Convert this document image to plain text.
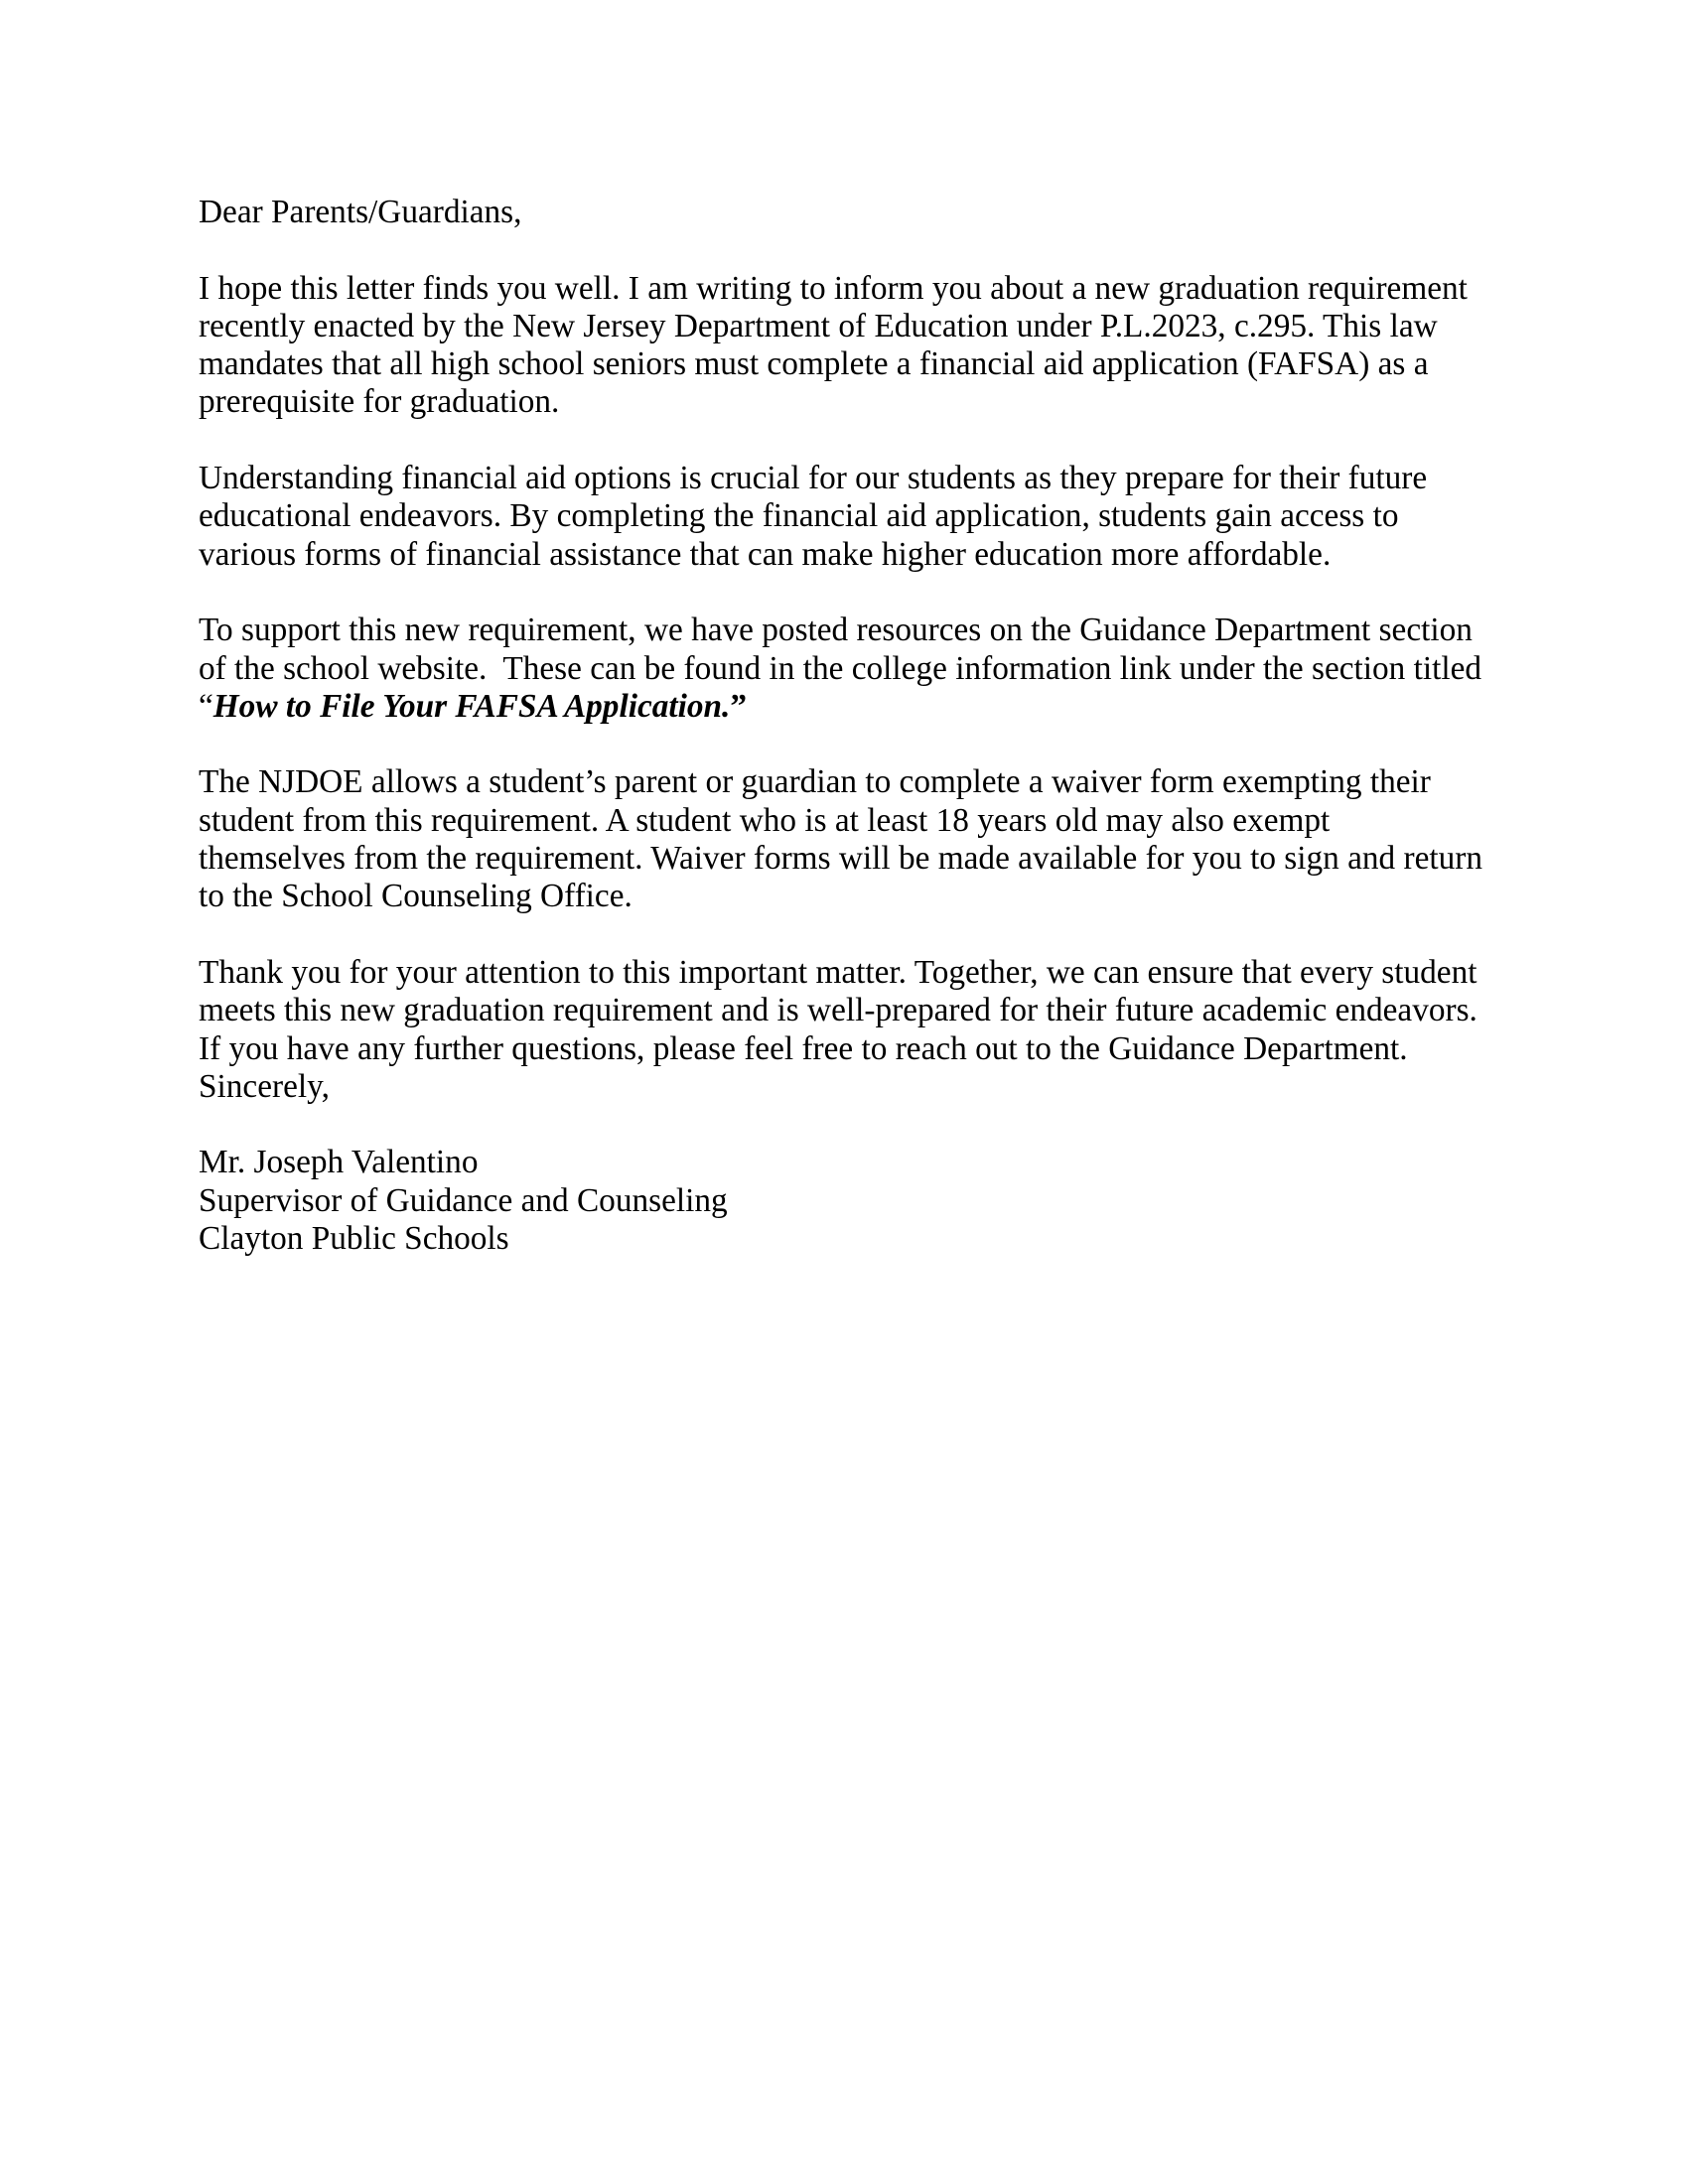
Dear Parents/Guardians,

I hope this letter finds you well. I am writing to inform you about a new graduation requirement
recently enacted by the New Jersey Department of Education under P.L.2023, c.295. This law
mandates that all high school seniors must complete a financial aid application (FAFSA) as a
prerequisite for graduation.

Understanding financial aid options is crucial for our students as they prepare for their future
educational endeavors. By completing the financial aid application, students gain access to
various forms of financial assistance that can make higher education more affordable.

To support this new requirement, we have posted resources on the Guidance Department section
of the school website.  These can be found in the college information link under the section titled
“How to File Your FAFSA Application.”

The NJDOE allows a student’s parent or guardian to complete a waiver form exempting their
student from this requirement. A student who is at least 18 years old may also exempt
themselves from the requirement. Waiver forms will be made available for you to sign and return
to the School Counseling Office.

Thank you for your attention to this important matter. Together, we can ensure that every student
meets this new graduation requirement and is well-prepared for their future academic endeavors.
If you have any further questions, please feel free to reach out to the Guidance Department.

Sincerely,

Mr. Joseph Valentino
Supervisor of Guidance and Counseling
Clayton Public Schools
